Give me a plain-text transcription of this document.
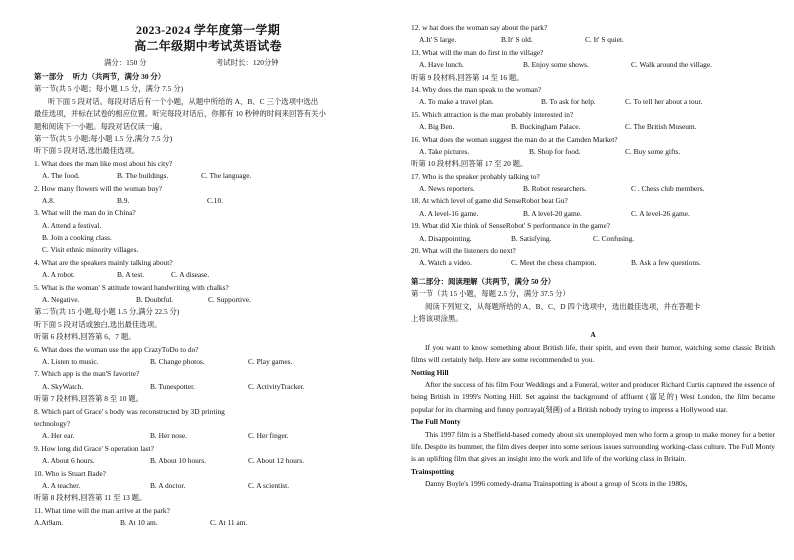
2023-2024 学年度第一学期
高二年级期中考试英语试卷
满分：150 分	考试时长：120分钟
第一部分　 听力（共两节，满分 30 分）
第一节(共 5 小题；每小题 1.5 分，满分 7.5 分)
听下面 5 段对话。每段对话后有一个小题，从题中所给的 A、B、C 三个选项中选出
最佳选项，并标在试卷的相应位置。听完每段对话后，你都有 10 秒钟的时间来回答有关小
题和阅读下一小题。每段对话仅读一遍。
第一节(共 5 小题;每小题 1.5 分,满分 7.5 分)
听下面 5 段对话,选出最佳选项。
1. What does the man like most about his city?
A. The food.	B. The buildings.	C. The language.
2. How many flowers will the woman buy?
A.8.	B.9.	C.10.
3. What will the man do in China?
A. Attend a festival.
B. Join a cooking class.
C. Visit ethnic minority villages.
4. What are the speakers mainly talking about?
A. A robot.	B. A test.	C. A disease.
5. What is the woman' S attitude toward handwriting with chalks?
A. Negative.	B. Doubtful.	C. Supportive.
第二节(共 15 小题,每小题 1.5 分,满分 22.5 分)
听下面 5 段对话或独白,选出最佳选项。
听第 6 段材料,回答第 6、7 题。
6. What does the woman use the app CrazyToDo to do?
A. Listen to music.	B. Change photos.	C. Play games.
7. Which app is the man'S favorite?
A. SkyWatch.	B. Tunespotter.	C. ActivityTracker.
听第 7 段材料,回答第 8 至 10 题。
8. Which part of Grace' s body was reconstructed by 3D printing
technology?
A. Her ear.	B. Her nose.	C. Her finger.
9. How long did Grace' S operation last?
A. About 6 hours.	B. About 10 hours.	C. About 12 hours.
10. Who is Stuart Bade?
A. A teacher.	B. A doctor.	C. A scientist.
听第 8 段材料,回答第 11 至 13 题。
11. What time will the man arrive at the park?
A.At9am.	B. At 10 am.	C. At 11 am.
12. w hat does the woman say about the park?
A.It' S large.	B.It' S old.	C. It' S quiet.
13. What will the man do first in the village?
A. Have lunch.	B. Enjoy some shows.	C. Walk around the village.
听第 9 段材料,回答第 14 至 16 题。
14. Why does the man speak to the woman?
A. To make a travel plan.	B. To ask for help.	C. To tell her about a tour.
15. Which attraction is the man probably interested in?
A. Big Ben.	B. Buckingham Palace.	C. The British Museum.
16. What does the woman suggest the man do at the Camden Market?
A. Take pictures.	B. Shop for food.	C. Buy some gifts.
听第 10 段材料,回答第 17 至 20 题。
17. Who is the speaker probably talking to?
A. News reporters.	B. Robot researchers.	C . Chess club members.
18. At which level of game did SenseRobot beat Gu?
A. A level-16 game.	B. A level-20 game.	C. A level-26 game.
19. What did Xie think of SenseRobot' S performance in the game?
A. Disappointing.	B. Satisfying.	C. Confusing.
20. What will the listeners do next?
A. Watch a video.	C. Meet the chess champion.	B. Ask a few questions.
第二部分：阅读理解（共两节，满分 50 分）
第一节（共 15 小题，每题 2.5 分，满分 37.5 分）
阅读下列短文，从每题所给的 A、B、C、D 四个选项中，选出最佳选项，并在答题卡
上将该项涂黑。
A
If you want to know something about British life, their spirit, and even their humor, watching some classic British films will certainly help. Here are some recommended to you.
Notting Hill
After the success of his film Four Weddings and a Funeral, writer and producer Richard Curtis captured the essence of being British in 1999's Notting Hill. Set against the background of affluent (富足的) West London, the film became popular for its charming and funny portrayal(刻画) of a British nobody trying to impress a Hollywood star.
The Full Monty
This 1997 film is a Sheffield-based comedy about six unemployed men who form a group to make money for a better life. Despite its bummer, the film dives deeper into some serious issues surrounding working-class culture. The Full Monty is an uplifting film that gives an insight into the work and life of the working class in Britain.
Trainspotting
Danny Boyle's 1996 comedy-drama Trainspotting is about a group of Scots in the 1980s,
